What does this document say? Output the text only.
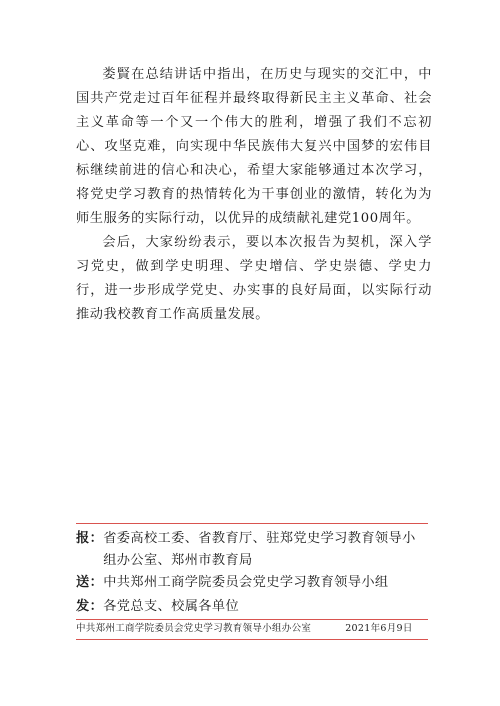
娄賢在总结讲话中指出，在历史与现实的交汇中，中国共产党走过百年征程并最终取得新民主主义革命、社会主义革命等一个又一个伟大的胜利，增强了我们不忘初心、攻坚克难，向实现中华民族伟大复兴中国梦的宏伟目标继续前进的信心和决心，希望大家能够通过本次学习，将党史学习教育的热情转化为干事创业的激情，转化为为师生服务的实际行动，以优异的成绩献礼建党100周年。

会后，大家纷纷表示，要以本次报告为契机，深入学习党史，做到学史明理、学史增信、学史崇德、学史力行，进一步形成学党史、办实事的良好局面，以实际行动推动我校教育工作高质量发展。

报： 省委高校工委、省教育厅、驻郑党史学习教育领导小组办公室、郑州市教育局
送： 中共郑州工商学院委员会党史学习教育领导小组
发： 各党总支、校属各单位
中共郑州工商学院委员会党史学习教育领导小组办公室	2021年6月9日
